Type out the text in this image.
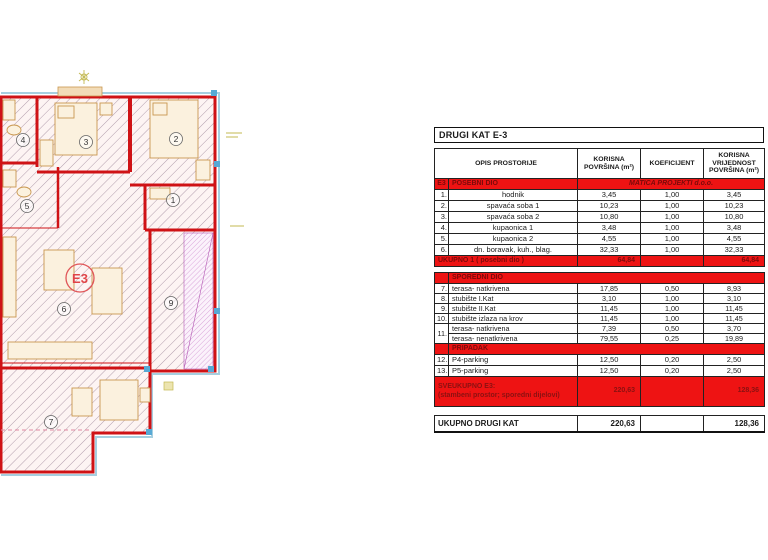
E3
4	3	2
1
5
6
9
7
DRUGI KAT E-3
OPIS PROSTORIJE		KORISNA POVRŠINA (m²)	KOEFICIJENT	KORISNA VRIJEDNOST POVRŠINA (m²)
E3	POSEBNI DIO	MATICA PROJEKTI d.o.o.		
1.	hodnik	3,45	1,00	3,45
2.	spavaća soba 1	10,23	1,00	10,23
3.	spavaća soba 2	10,80	1,00	10,80
4.	kupaonica 1	3,48	1,00	3,48
5.	kupaonica 2	4,55	1,00	4,55
6.	dn. boravak, kuh., blag.	32,33	1,00	32,33
UKUPNO 1 ( posebni dio )		64,84		64,84
	SPOREDNI DIO			
7.	terasa- natkrivena	17,85	0,50	8,93
8.	stubište I.Kat	3,10	1,00	3,10
9.	stubište II.Kat	11,45	1,00	11,45
10.	stubište izlaza na krov	11,45	1,00	11,45
11.	terasa- natkrivena	7,39	0,50	3,70
	terasa- nenatkrivena	79,55	0,25	19,89
	PRIPADAK			
12.	P4-parking	12,50	0,20	2,50
13.	P5-parking	12,50	0,20	2,50
SVEUKUPNO E3:
(stambeni prostor; sporedni dijelovi)		220,63		128,36
UKUPNO DRUGI KAT	220,63		128,36
